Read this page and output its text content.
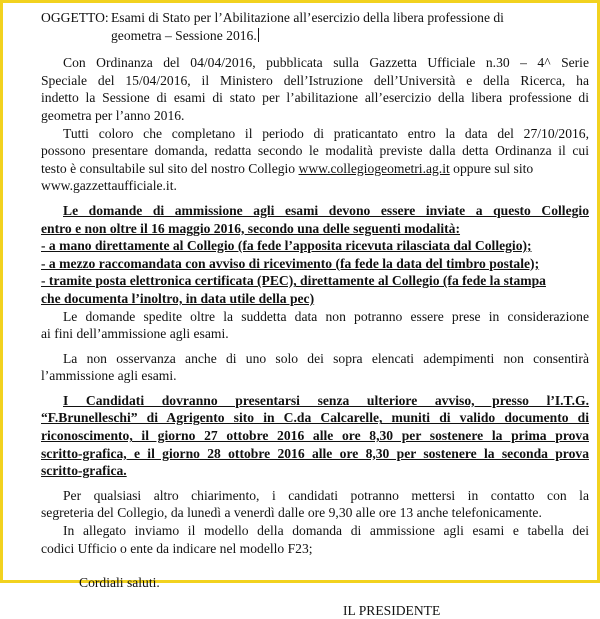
OGGETTO: Esami di Stato per l’Abilitazione all’esercizio della libera professione di
geometra – Sessione 2016.
Con Ordinanza del 04/04/2016, pubblicata sulla Gazzetta Ufficiale n.30 – 4^ Serie
Speciale del 15/04/2016, il Ministero dell’Istruzione dell’Università e della Ricerca, ha
indetto la Sessione di esami di stato per l’abilitazione all’esercizio della libera professione di
geometra per l’anno 2016.
Tutti coloro che completano il periodo di praticantato entro la data del 27/10/2016,
possono presentare domanda, redatta secondo le modalità previste dalla detta Ordinanza il cui
testo è consultabile sul sito del nostro Collegio www.collegiogeometri.ag.it oppure sul sito
www.gazzettaufficiale.it.
Le domande di ammissione agli esami devono essere inviate a questo Collegio
entro e non oltre il 16 maggio 2016, secondo una delle seguenti modalità:
- a mano direttamente al Collegio (fa fede l’apposita ricevuta rilasciata dal Collegio);
- a mezzo raccomandata con avviso di ricevimento (fa fede la data del timbro postale);
- tramite posta elettronica certificata (PEC), direttamente al Collegio (fa fede la stampa
che documenta l’inoltro, in data utile della pec)
Le domande spedite oltre la suddetta data non potranno essere prese in considerazione
ai fini dell’ammissione agli esami.
La non osservanza anche di uno solo dei sopra elencati adempimenti non consentirà
l’ammissione agli esami.
I Candidati dovranno presentarsi senza ulteriore avviso, presso l’I.T.G.
“F.Brunelleschi” di Agrigento sito in C.da Calcarelle, muniti di valido documento di
riconoscimento, il giorno 27 ottobre 2016 alle ore 8,30 per sostenere la prima prova
scritto-grafica, e il giorno 28 ottobre 2016 alle ore 8,30 per sostenere la seconda prova
scritto-grafica.
Per qualsiasi altro chiarimento, i candidati potranno mettersi in contatto con la
segreteria del Collegio, da lunedì a venerdì dalle ore 9,30 alle ore 13 anche telefonicamente.
In allegato inviamo il modello della domanda di ammissione agli esami e tabella dei
codici Ufficio o ente da indicare nel modello F23;
Cordiali saluti.
IL PRESIDENTE
